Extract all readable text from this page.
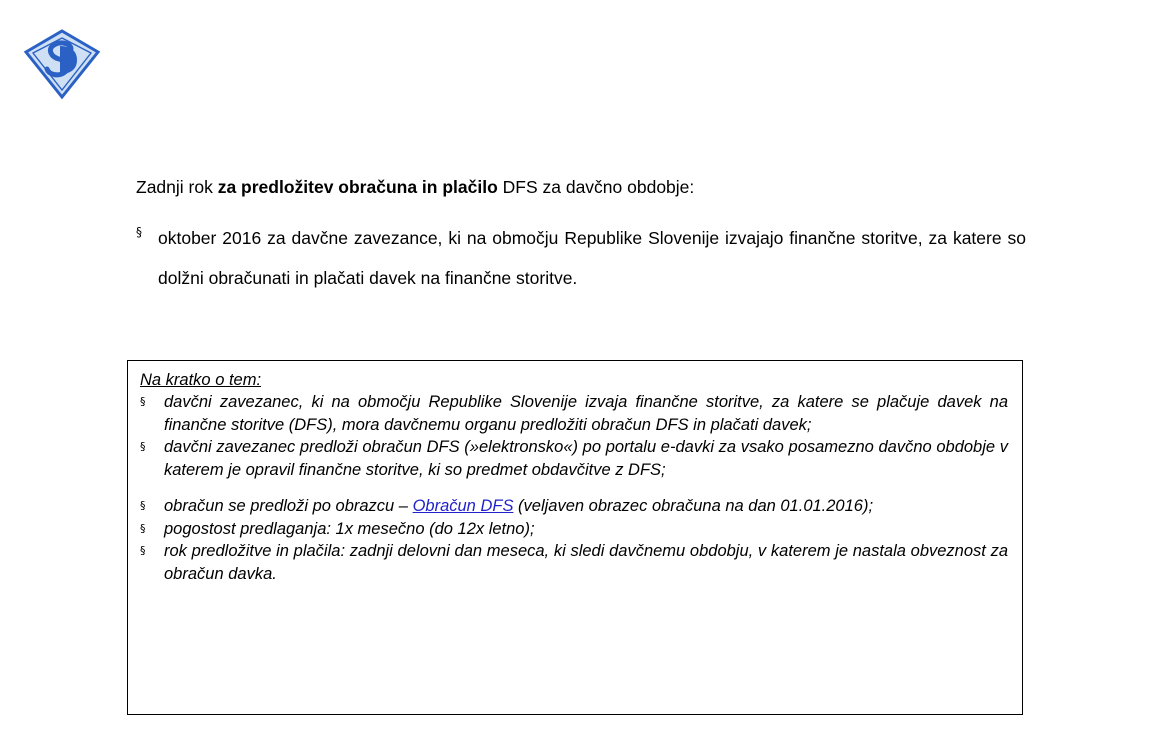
Zadnji rok za predložitev obračuna in plačilo DFS za davčno obdobje:
§ oktober 2016 za davčne zavezance, ki na območju Republike Slovenije izvajajo finančne storitve, za katere so dolžni obračunati in plačati davek na finančne storitve.
Na kratko o tem:
§	davčni zavezanec, ki na območju Republike Slovenije izvaja finančne storitve, za katere se plačuje davek na finančne storitve (DFS), mora davčnemu organu predložiti obračun DFS in plačati davek;
§	davčni zavezanec predloži obračun DFS (»elektronsko«) po portalu e-davki za vsako posamezno davčno obdobje v katerem je opravil finančne storitve, ki so predmet obdavčitve z DFS;
§	obračun se predloži po obrazcu – Obračun DFS (veljaven obrazec obračuna na dan 01.01.2016);
§	pogostost predlaganja: 1x mesečno (do 12x letno);
§	rok predložitve in plačila: zadnji delovni dan meseca, ki sledi davčnemu obdobju, v katerem je nastala obveznost za obračun davka.
